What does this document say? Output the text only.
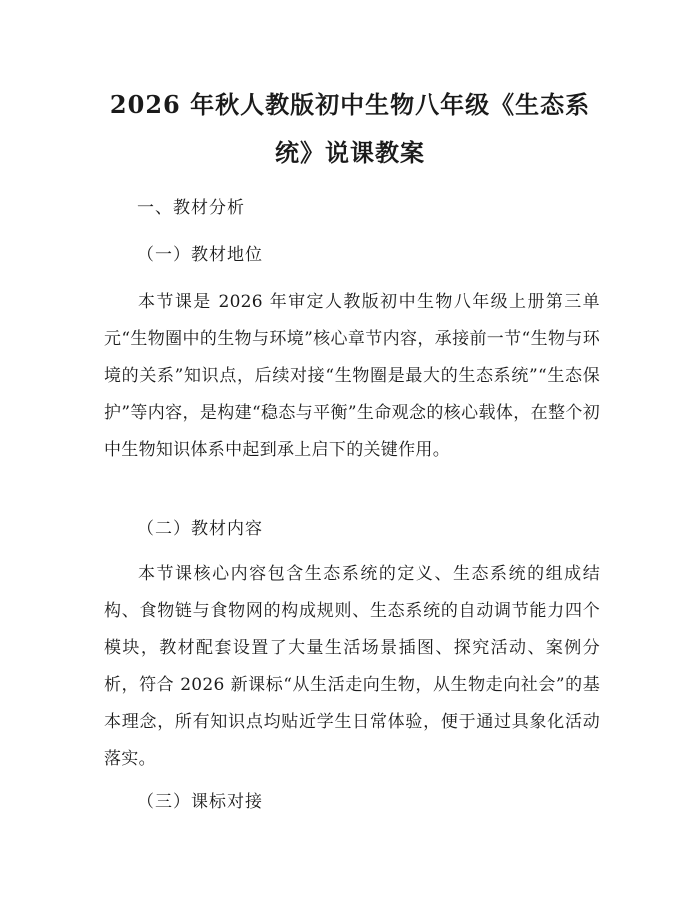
2026 年秋人教版初中生物八年级《生态系
统》说课教案

一、教材分析

（一）教材地位

本节课是 2026 年审定人教版初中生物八年级上册第三单元“生物圈中的生物与环境”核心章节内容，承接前一节“生物与环境的关系”知识点，后续对接“生物圈是最大的生态系统”“生态保护”等内容，是构建“稳态与平衡”生命观念的核心载体，在整个初中生物知识体系中起到承上启下的关键作用。

（二）教材内容

本节课核心内容包含生态系统的定义、生态系统的组成结构、食物链与食物网的构成规则、生态系统的自动调节能力四个模块，教材配套设置了大量生活场景插图、探究活动、案例分析，符合 2026 新课标“从生活走向生物，从生物走向社会”的基本理念，所有知识点均贴近学生日常体验，便于通过具象化活动落实。

（三）课标对接
